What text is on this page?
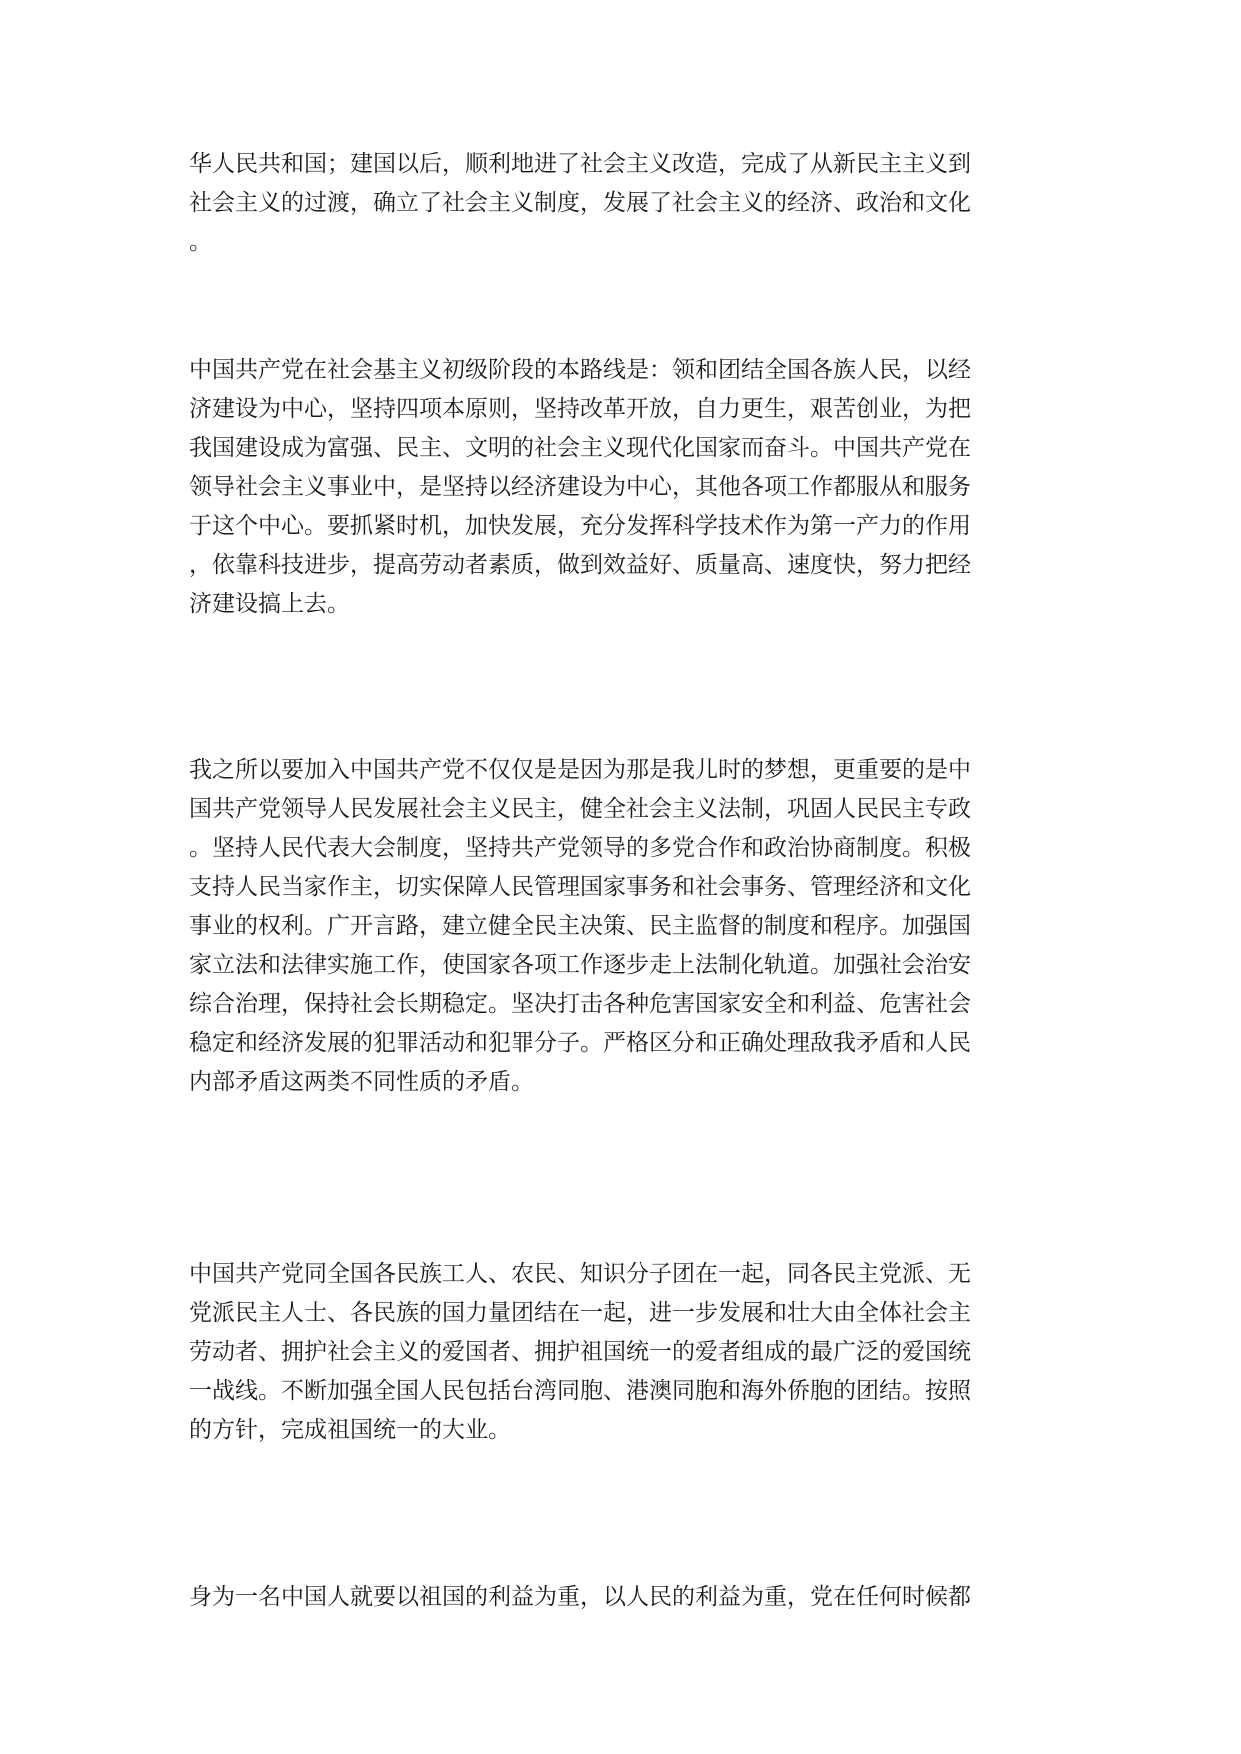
华人民共和国；建国以后，顺利地进了社会主义改造，完成了从新民主主义到
社会主义的过渡，确立了社会主义制度，发展了社会主义的经济、政治和文化
。

中国共产党在社会基主义初级阶段的本路线是：领和团结全国各族人民，以经
济建设为中心，坚持四项本原则，坚持改革开放，自力更生，艰苦创业，为把
我国建设成为富强、民主、文明的社会主义现代化国家而奋斗。中国共产党在
领导社会主义事业中，是坚持以经济建设为中心，其他各项工作都服从和服务
于这个中心。要抓紧时机，加快发展，充分发挥科学技术作为第一产力的作用
，依靠科技进步，提高劳动者素质，做到效益好、质量高、速度快，努力把经
济建设搞上去。

我之所以要加入中国共产党不仅仅是是因为那是我儿时的梦想，更重要的是中
国共产党领导人民发展社会主义民主，健全社会主义法制，巩固人民民主专政
。坚持人民代表大会制度，坚持共产党领导的多党合作和政治协商制度。积极
支持人民当家作主，切实保障人民管理国家事务和社会事务、管理经济和文化
事业的权利。广开言路，建立健全民主决策、民主监督的制度和程序。加强国
家立法和法律实施工作，使国家各项工作逐步走上法制化轨道。加强社会治安
综合治理，保持社会长期稳定。坚决打击各种危害国家安全和利益、危害社会
稳定和经济发展的犯罪活动和犯罪分子。严格区分和正确处理敌我矛盾和人民
内部矛盾这两类不同性质的矛盾。

中国共产党同全国各民族工人、农民、知识分子团在一起，同各民主党派、无
党派民主人士、各民族的国力量团结在一起，进一步发展和壮大由全体社会主
劳动者、拥护社会主义的爱国者、拥护祖国统一的爱者组成的最广泛的爱国统
一战线。不断加强全国人民包括台湾同胞、港澳同胞和海外侨胞的团结。按照
的方针，完成祖国统一的大业。

身为一名中国人就要以祖国的利益为重，以人民的利益为重，党在任何时候都
